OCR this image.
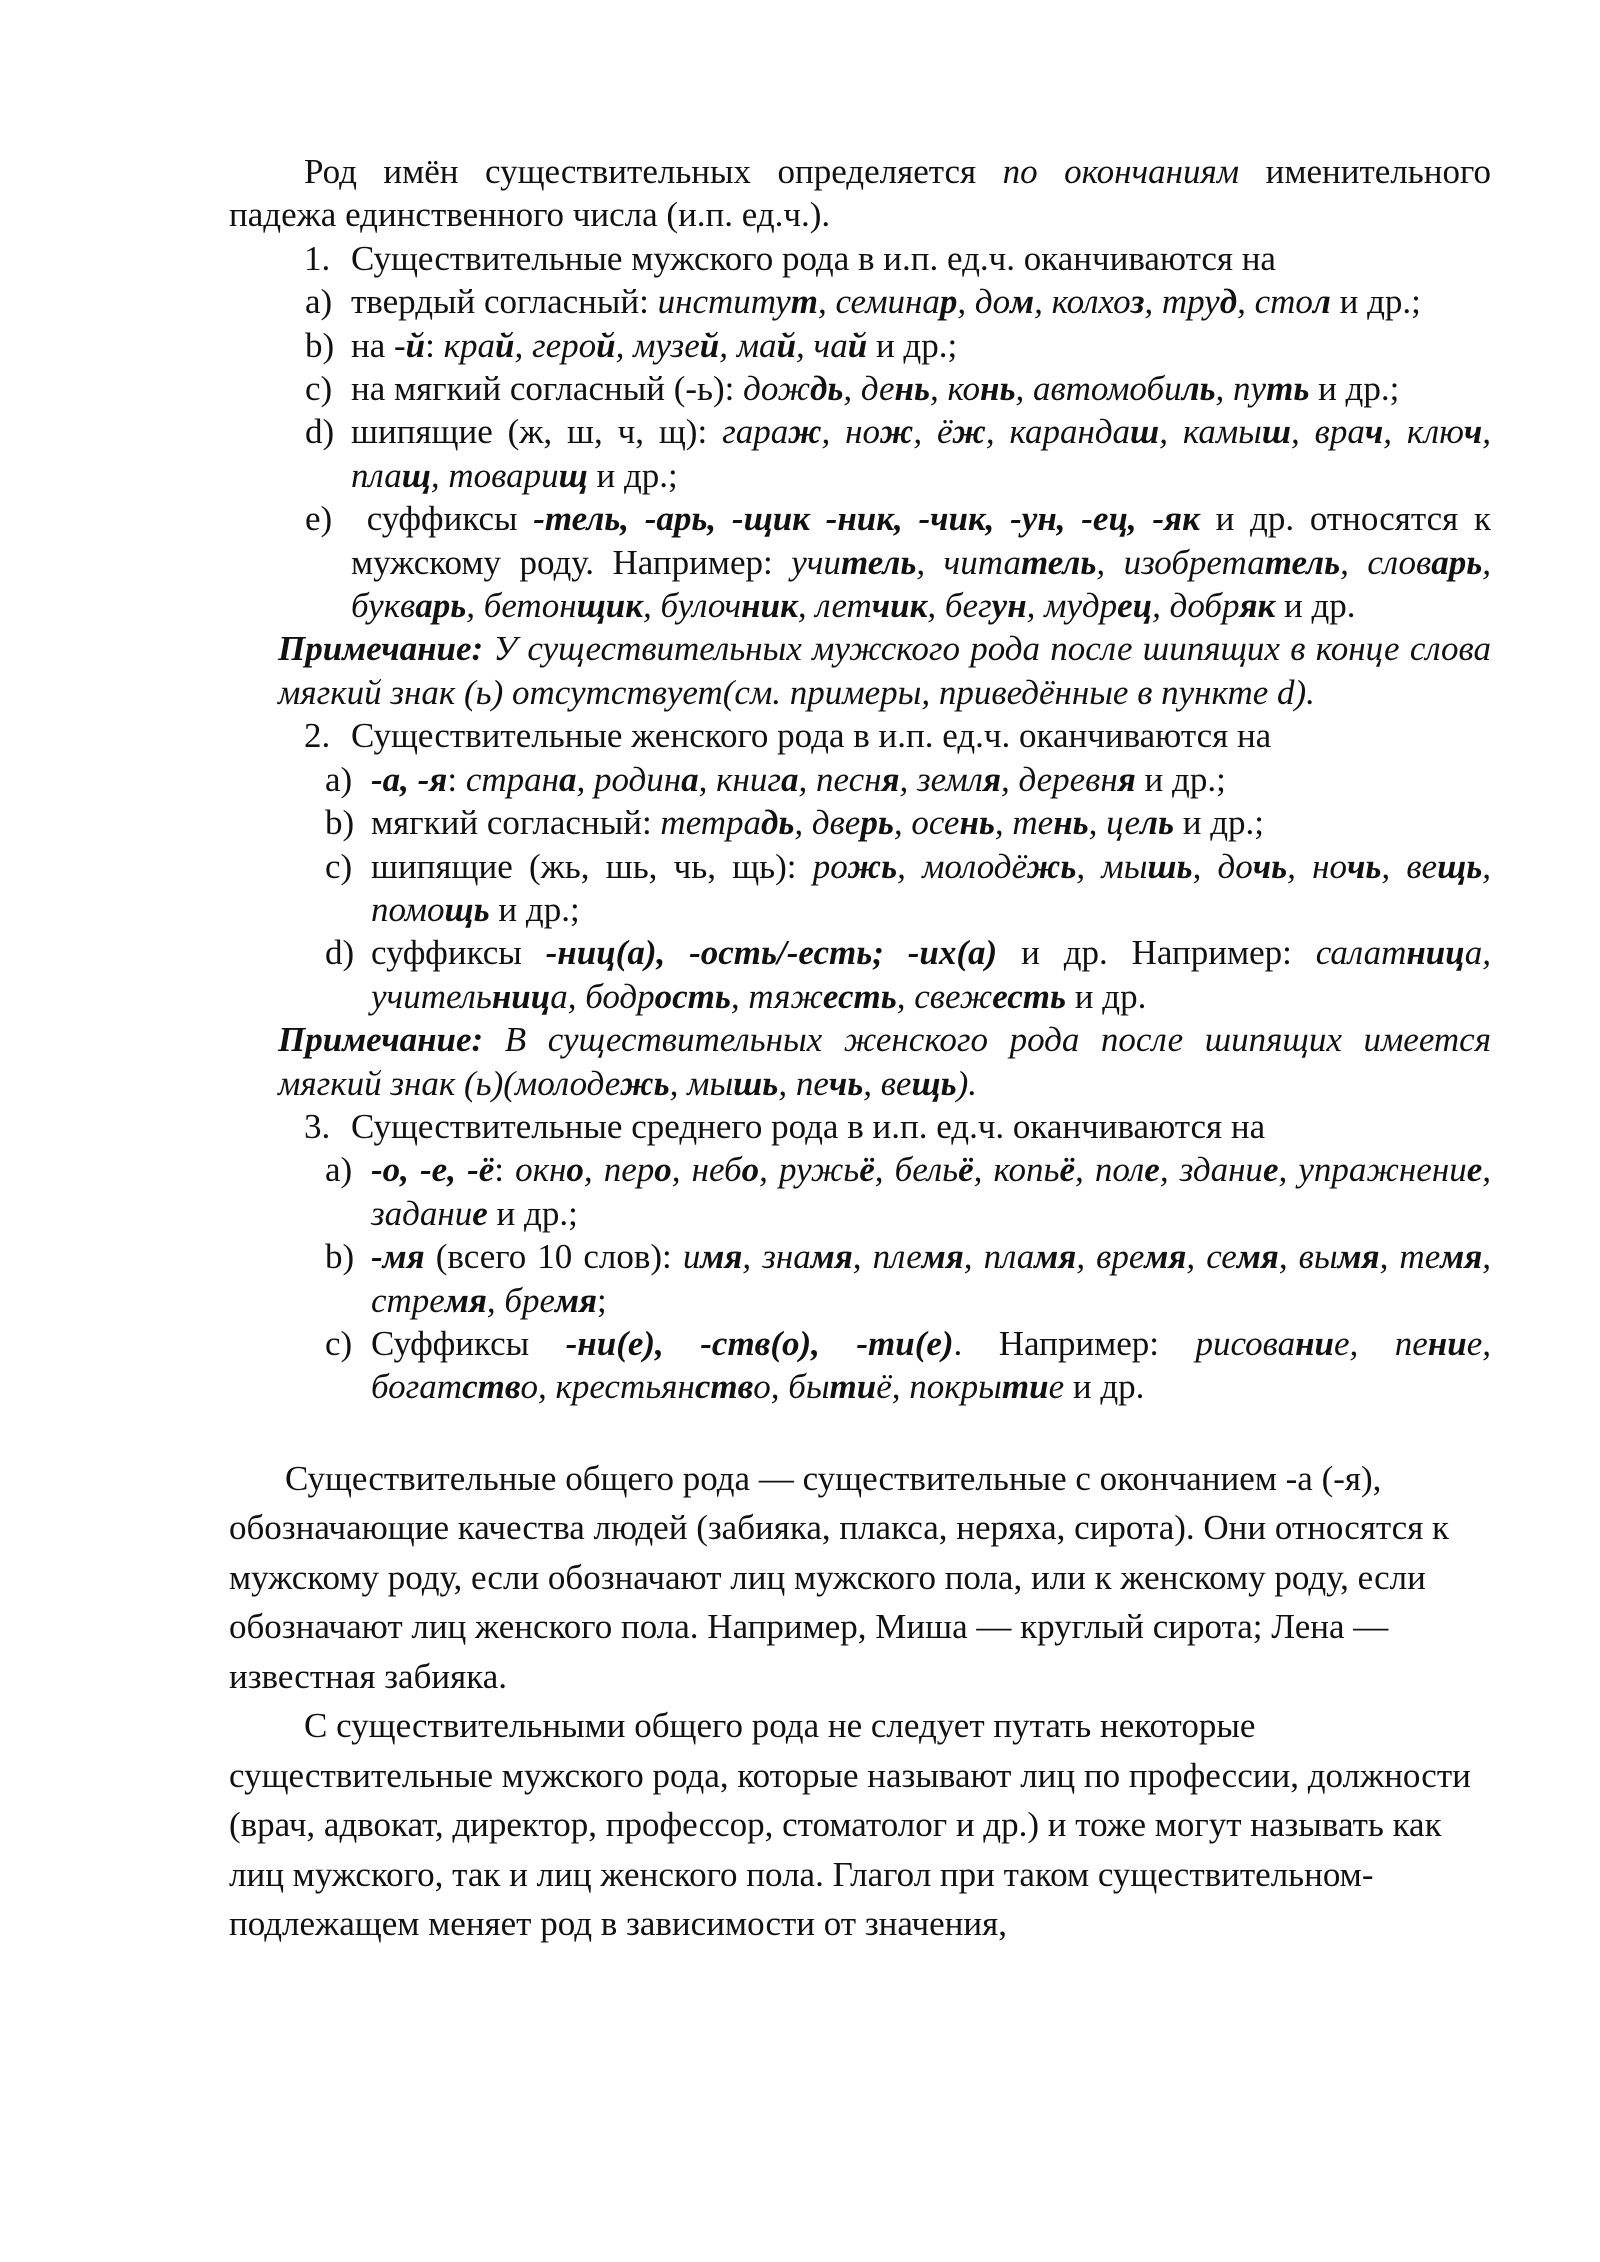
Род имён существительных определяется по окончаниям именительного падежа единственного числа (и.п. ед.ч.).

1. Существительные мужского рода в и.п. ед.ч. оканчиваются на
a) твердый согласный: институт, семинар, дом, колхоз, труд, стол и др.;
b) на -й: край, герой, музей, май, чай и др.;
c) на мягкий согласный (-ь): дождь, день, конь, автомобиль, путь и др.;
d) шипящие (ж, ш, ч, щ): гараж, нож, ёж, карандаш, камыш, врач, ключ, плащ, товарищ и др.;
e) суффиксы -тель, -арь, -щик -ник, -чик, -ун, -ец, -як и др. относятся к мужскому роду. Например: учитель, читатель, изобретатель, словарь, букварь, бетонщик, булочник, летчик, бегун, мудрец, добряк и др.

Примечание: У существительных мужского рода после шипящих в конце слова мягкий знак (ь) отсутствует(см. примеры, приведённые в пункте d).

2. Существительные женского рода в и.п. ед.ч. оканчиваются на
a) -а, -я: страна, родина, книга, песня, земля, деревня и др.;
b) мягкий согласный: тетрадь, дверь, осень, тень, цель и др.;
c) шипящие (жь, шь, чь, щь): рожь, молодёжь, мышь, дочь, ночь, вещь, помощь и др.;
d) суффиксы -ниц(а), -ость/-есть; -их(а) и др. Например: салатница, учительница, бодрость, тяжесть, свежесть и др.

Примечание: В существительных женского рода после шипящих имеется мягкий знак (ь)(молодежь, мышь, печь, вещь).

3. Существительные среднего рода в и.п. ед.ч. оканчиваются на
a) -о, -е, -ё: окно, перо, небо, ружьё, бельё, копьё, поле, здание, упражнение, задание и др.;
b) -мя (всего 10 слов): имя, знамя, племя, пламя, время, семя, вымя, темя, стремя, бремя;
c) Суффиксы -ни(е), -ств(о), -ти(е). Например: рисование, пение, богатство, крестьянство, бытиё, покрытие и др.

Существительные общего рода — существительные с окончанием -а (-я), обозначающие качества людей (забияка, плакса, неряха, сирота). Они относятся к мужскому роду, если обозначают лиц мужского пола, или к женскому роду, если обозначают лиц женского пола. Например, Миша — круглый сирота; Лена — известная забияка.

С существительными общего рода не следует путать некоторые существительные мужского рода, которые называют лиц по профессии, должности (врач, адвокат, директор, профессор, стоматолог и др.) и тоже могут называть как лиц мужского, так и лиц женского пола. Глагол при таком существительном-подлежащем меняет род в зависимости от значения,
